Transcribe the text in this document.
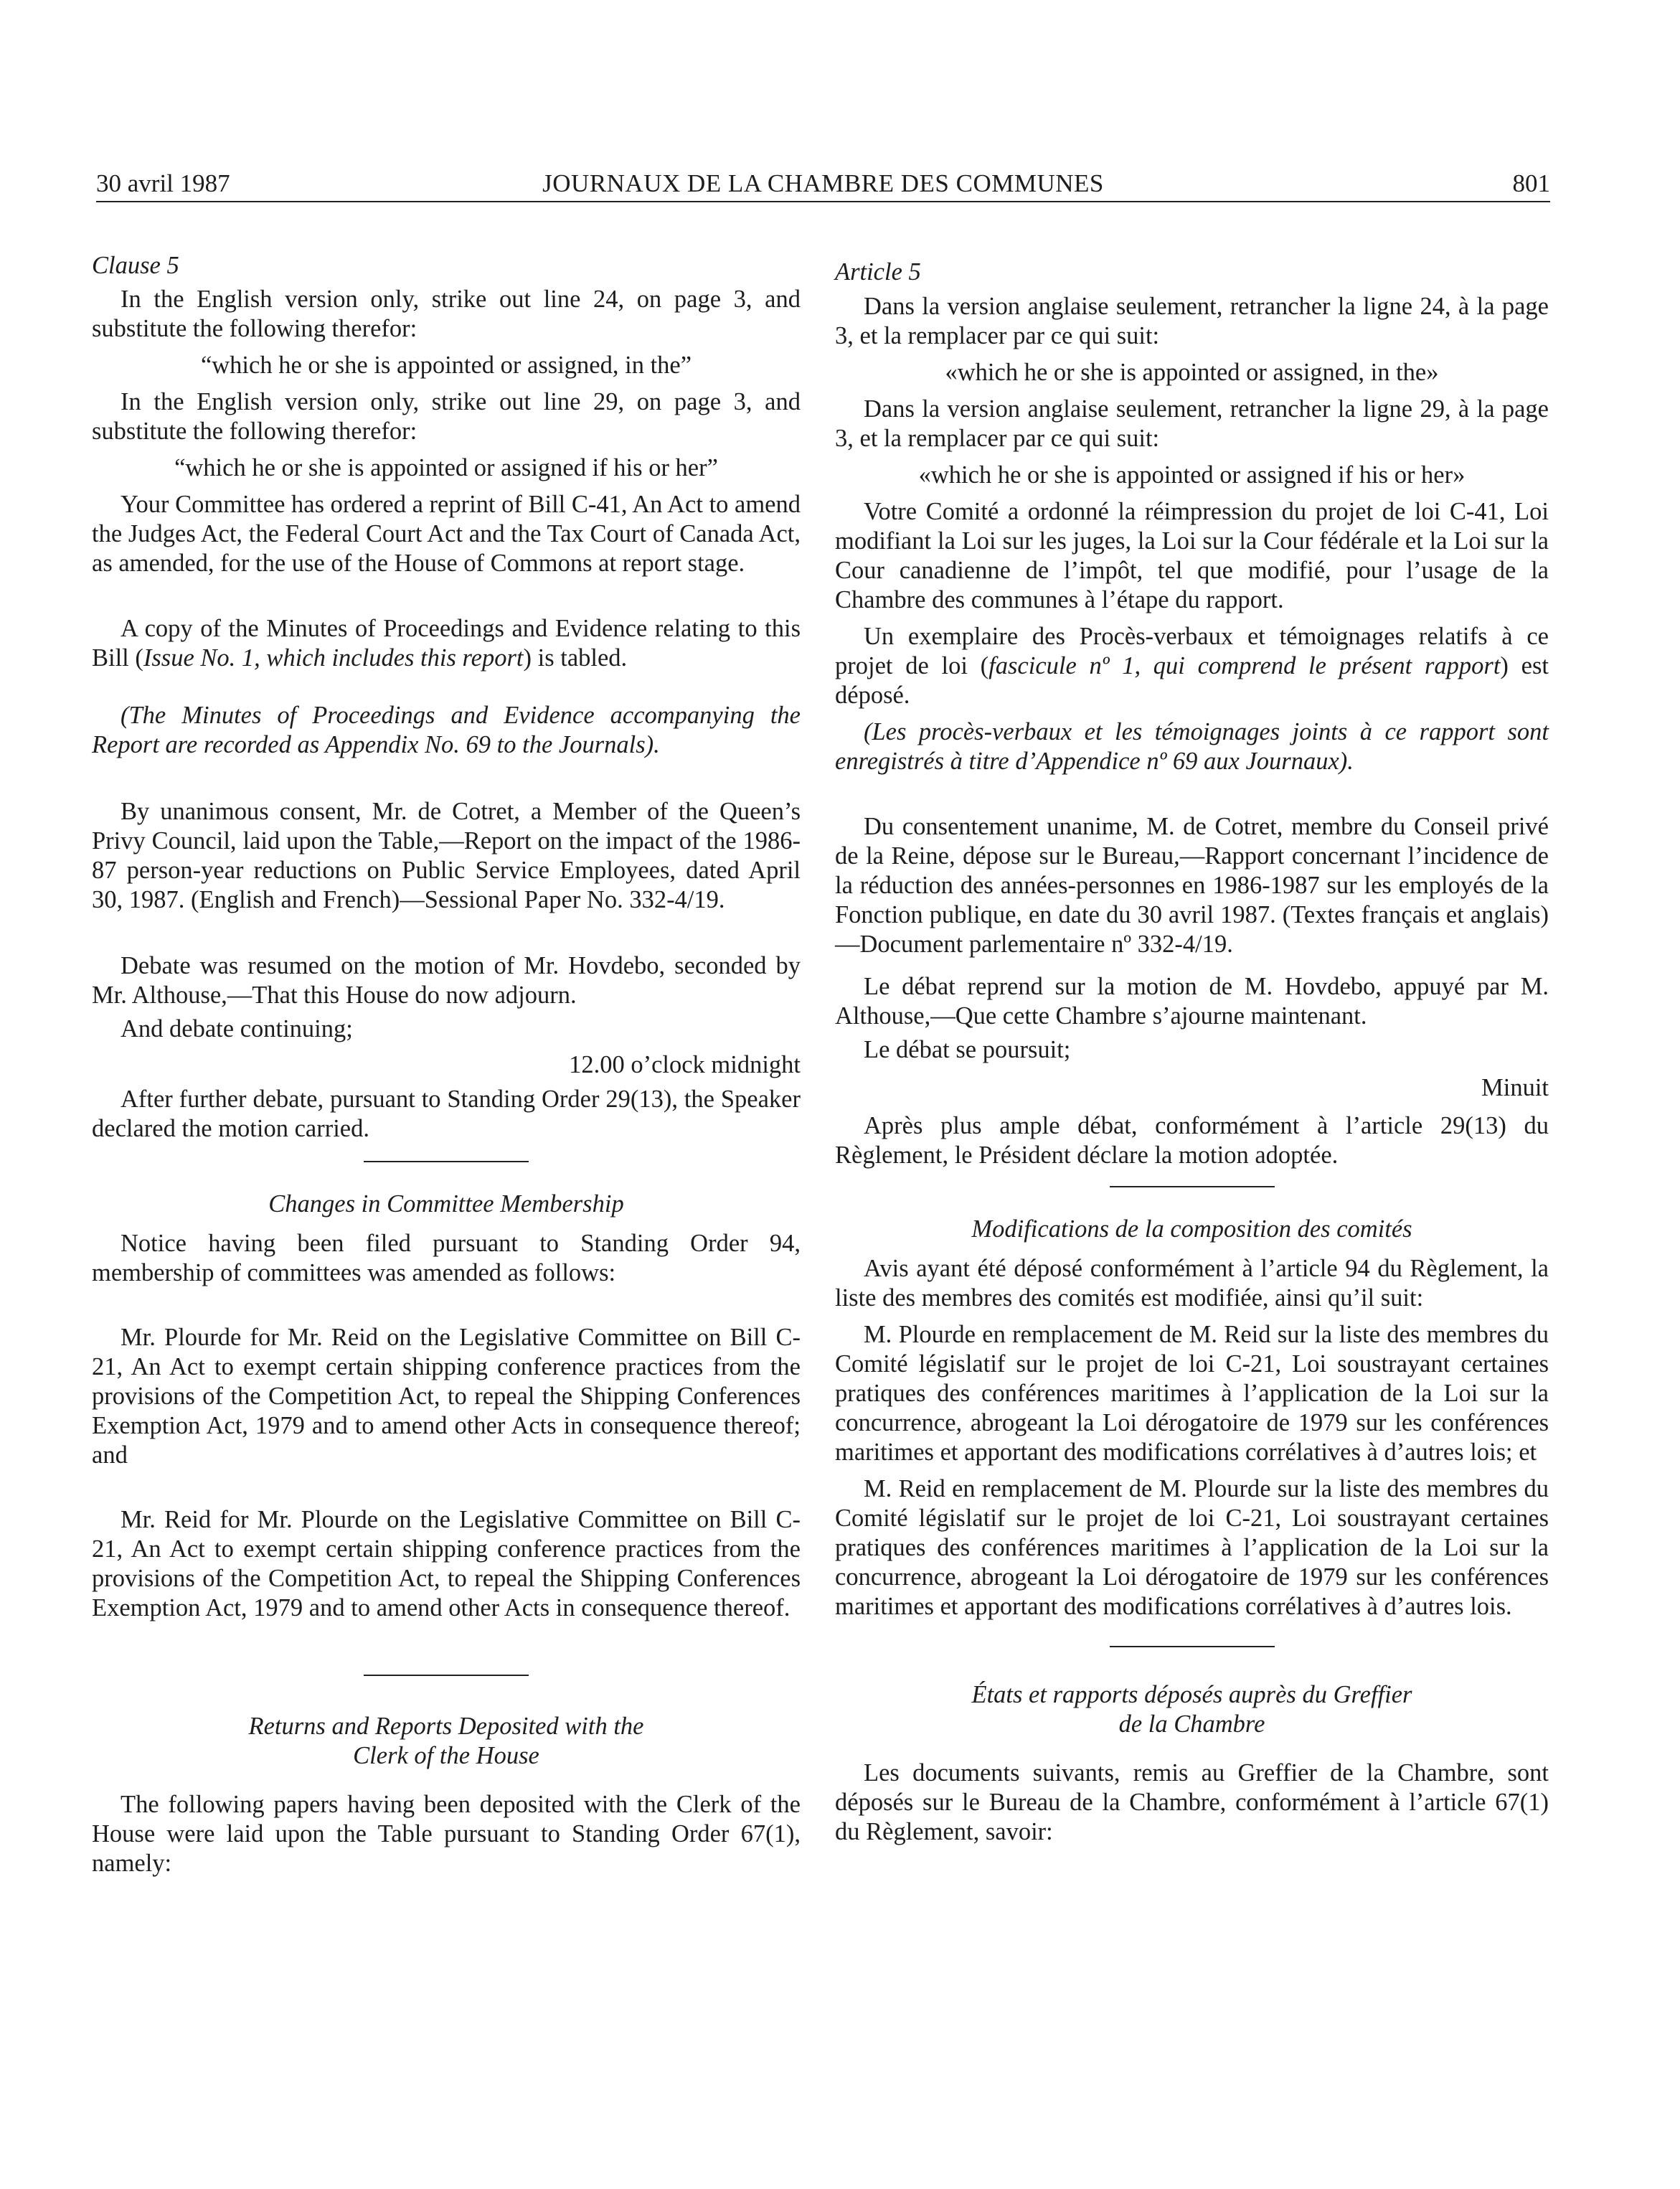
30 avril 1987	JOURNAUX DE LA CHAMBRE DES COMMUNES	801

Clause 5

In the English version only, strike out line 24, on page 3, and substitute the following therefor:

“which he or she is appointed or assigned, in the”

In the English version only, strike out line 29, on page 3, and substitute the following therefor:

“which he or she is appointed or assigned if his or her”

Your Committee has ordered a reprint of Bill C-41, An Act to amend the Judges Act, the Federal Court Act and the Tax Court of Canada Act, as amended, for the use of the House of Commons at report stage.

A copy of the Minutes of Proceedings and Evidence relating to this Bill (Issue No. 1, which includes this report) is tabled.

(The Minutes of Proceedings and Evidence accompanying the Report are recorded as Appendix No. 69 to the Journals).

By unanimous consent, Mr. de Cotret, a Member of the Queen’s Privy Council, laid upon the Table,—Report on the impact of the 1986-87 person-year reductions on Public Service Employees, dated April 30, 1987. (English and French)—Sessional Paper No. 332-4/19.

Debate was resumed on the motion of Mr. Hovdebo, seconded by Mr. Althouse,—That this House do now adjourn.

And debate continuing;

12.00 o’clock midnight

After further debate, pursuant to Standing Order 29(13), the Speaker declared the motion carried.

Changes in Committee Membership

Notice having been filed pursuant to Standing Order 94, membership of committees was amended as follows:

Mr. Plourde for Mr. Reid on the Legislative Committee on Bill C-21, An Act to exempt certain shipping conference practices from the provisions of the Competition Act, to repeal the Shipping Conferences Exemption Act, 1979 and to amend other Acts in consequence thereof; and

Mr. Reid for Mr. Plourde on the Legislative Committee on Bill C-21, An Act to exempt certain shipping conference practices from the provisions of the Competition Act, to repeal the Shipping Conferences Exemption Act, 1979 and to amend other Acts in consequence thereof.

Returns and Reports Deposited with the

Clerk of the House

The following papers having been deposited with the Clerk of the House were laid upon the Table pursuant to Standing Order 67(1), namely:

Article 5

Dans la version anglaise seulement, retrancher la ligne 24, à la page 3, et la remplacer par ce qui suit:

«which he or she is appointed or assigned, in the»

Dans la version anglaise seulement, retrancher la ligne 29, à la page 3, et la remplacer par ce qui suit:

«which he or she is appointed or assigned if his or her»

Votre Comité a ordonné la réimpression du projet de loi C-41, Loi modifiant la Loi sur les juges, la Loi sur la Cour fédérale et la Loi sur la Cour canadienne de l’impôt, tel que modifié, pour l’usage de la Chambre des communes à l’étape du rapport.

Un exemplaire des Procès-verbaux et témoignages relatifs à ce projet de loi (fascicule nº 1, qui comprend le présent rapport) est déposé.

(Les procès-verbaux et les témoignages joints à ce rapport sont enregistrés à titre d’Appendice nº 69 aux Journaux).

Du consentement unanime, M. de Cotret, membre du Conseil privé de la Reine, dépose sur le Bureau,—Rapport concernant l’incidence de la réduction des années-personnes en 1986-1987 sur les employés de la Fonction publique, en date du 30 avril 1987. (Textes français et anglais)—Document parlementaire nº 332-4/19.

Le débat reprend sur la motion de M. Hovdebo, appuyé par M. Althouse,—Que cette Chambre s’ajourne maintenant.

Le débat se poursuit;

Minuit

Après plus ample débat, conformément à l’article 29(13) du Règlement, le Président déclare la motion adoptée.

Modifications de la composition des comités

Avis ayant été déposé conformément à l’article 94 du Règlement, la liste des membres des comités est modifiée, ainsi qu’il suit:

M. Plourde en remplacement de M. Reid sur la liste des membres du Comité législatif sur le projet de loi C-21, Loi soustrayant certaines pratiques des conférences maritimes à l’application de la Loi sur la concurrence, abrogeant la Loi dérogatoire de 1979 sur les conférences maritimes et apportant des modifications corrélatives à d’autres lois; et

M. Reid en remplacement de M. Plourde sur la liste des membres du Comité législatif sur le projet de loi C-21, Loi soustrayant certaines pratiques des conférences maritimes à l’application de la Loi sur la concurrence, abrogeant la Loi dérogatoire de 1979 sur les conférences maritimes et apportant des modifications corrélatives à d’autres lois.

États et rapports déposés auprès du Greffier

de la Chambre

Les documents suivants, remis au Greffier de la Chambre, sont déposés sur le Bureau de la Chambre, conformément à l’article 67(1) du Règlement, savoir:
